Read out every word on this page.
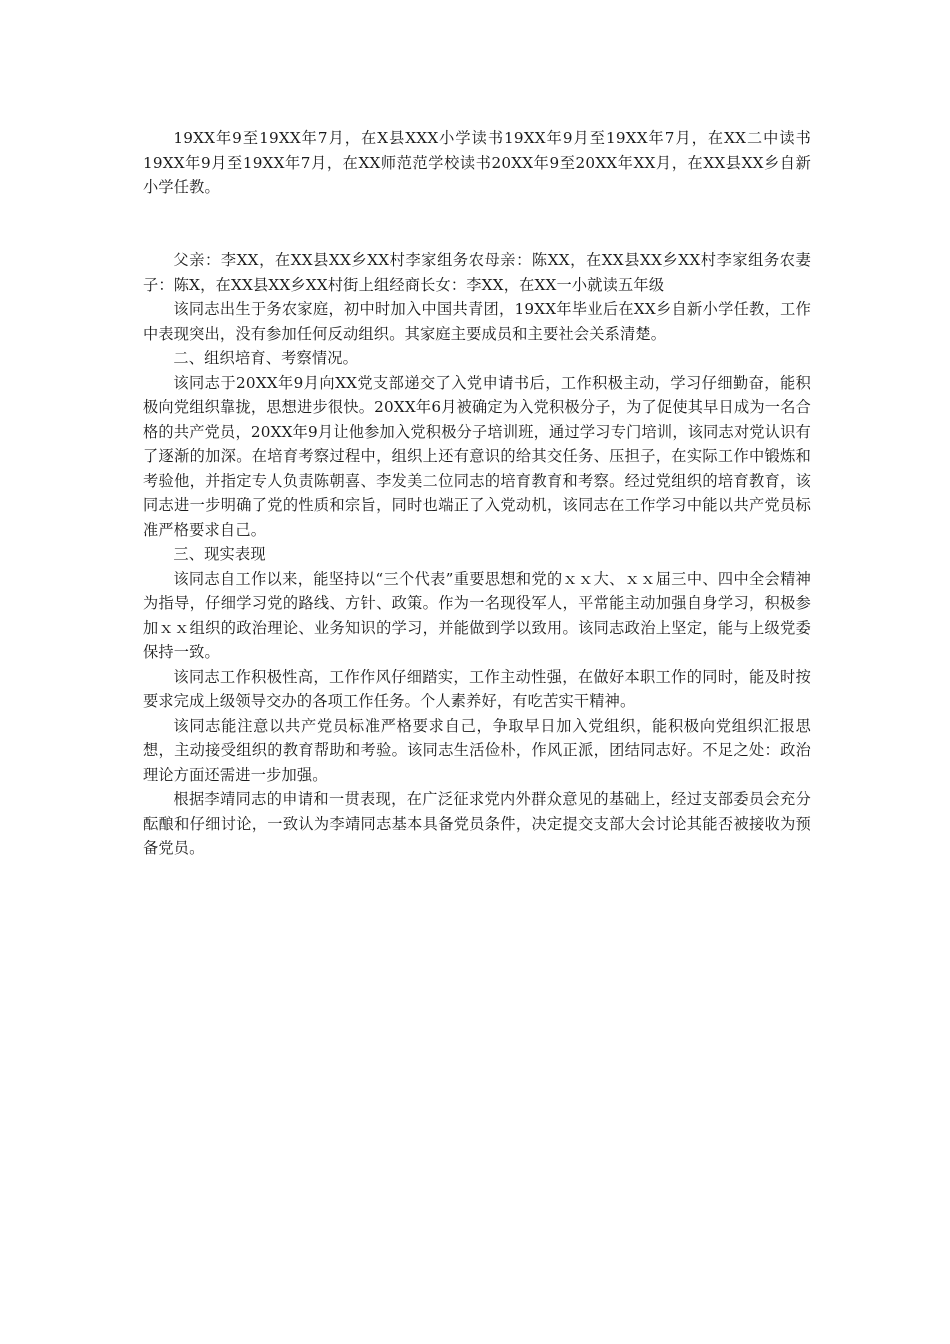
19XX年9至19XX年7月，在X县XXX小学读书19XX年9月至19XX年7月，在XX二中读书19XX年9月至19XX年7月，在XX师范范学校读书20XX年9至20XX年XX月，在XX县XX乡自新小学任教。

父亲：李XX，在XX县XX乡XX村李家组务农母亲：陈XX，在XX县XX乡XX村李家组务农妻子：陈X，在XX县XX乡XX村街上组经商长女：李XX，在XX一小就读五年级

该同志出生于务农家庭，初中时加入中国共青团，19XX年毕业后在XX乡自新小学任教，工作中表现突出，没有参加任何反动组织。其家庭主要成员和主要社会关系清楚。

二、组织培育、考察情况。

该同志于20XX年9月向XX党支部递交了入党申请书后，工作积极主动，学习仔细勤奋，能积极向党组织靠拢，思想进步很快。20XX年6月被确定为入党积极分子，为了促使其早日成为一名合格的共产党员，20XX年9月让他参加入党积极分子培训班，通过学习专门培训，该同志对党认识有了逐渐的加深。在培育考察过程中，组织上还有意识的给其交任务、压担子，在实际工作中锻炼和考验他，并指定专人负责陈朝喜、李发美二位同志的培育教育和考察。经过党组织的培育教育，该同志进一步明确了党的性质和宗旨，同时也端正了入党动机，该同志在工作学习中能以共产党员标准严格要求自己。

三、现实表现

该同志自工作以来，能坚持以“三个代表”重要思想和党的ｘｘ大、ｘｘ届三中、四中全会精神为指导，仔细学习党的路线、方针、政策。作为一名现役军人，平常能主动加强自身学习，积极参加ｘｘ组织的政治理论、业务知识的学习，并能做到学以致用。该同志政治上坚定，能与上级党委保持一致。

该同志工作积极性高，工作作风仔细踏实，工作主动性强，在做好本职工作的同时，能及时按要求完成上级领导交办的各项工作任务。个人素养好，有吃苦实干精神。

该同志能注意以共产党员标准严格要求自己，争取早日加入党组织，能积极向党组织汇报思想，主动接受组织的教育帮助和考验。该同志生活俭朴，作风正派，团结同志好。不足之处：政治理论方面还需进一步加强。

根据李靖同志的申请和一贯表现，在广泛征求党内外群众意见的基础上，经过支部委员会充分酝酿和仔细讨论，一致认为李靖同志基本具备党员条件，决定提交支部大会讨论其能否被接收为预备党员。
